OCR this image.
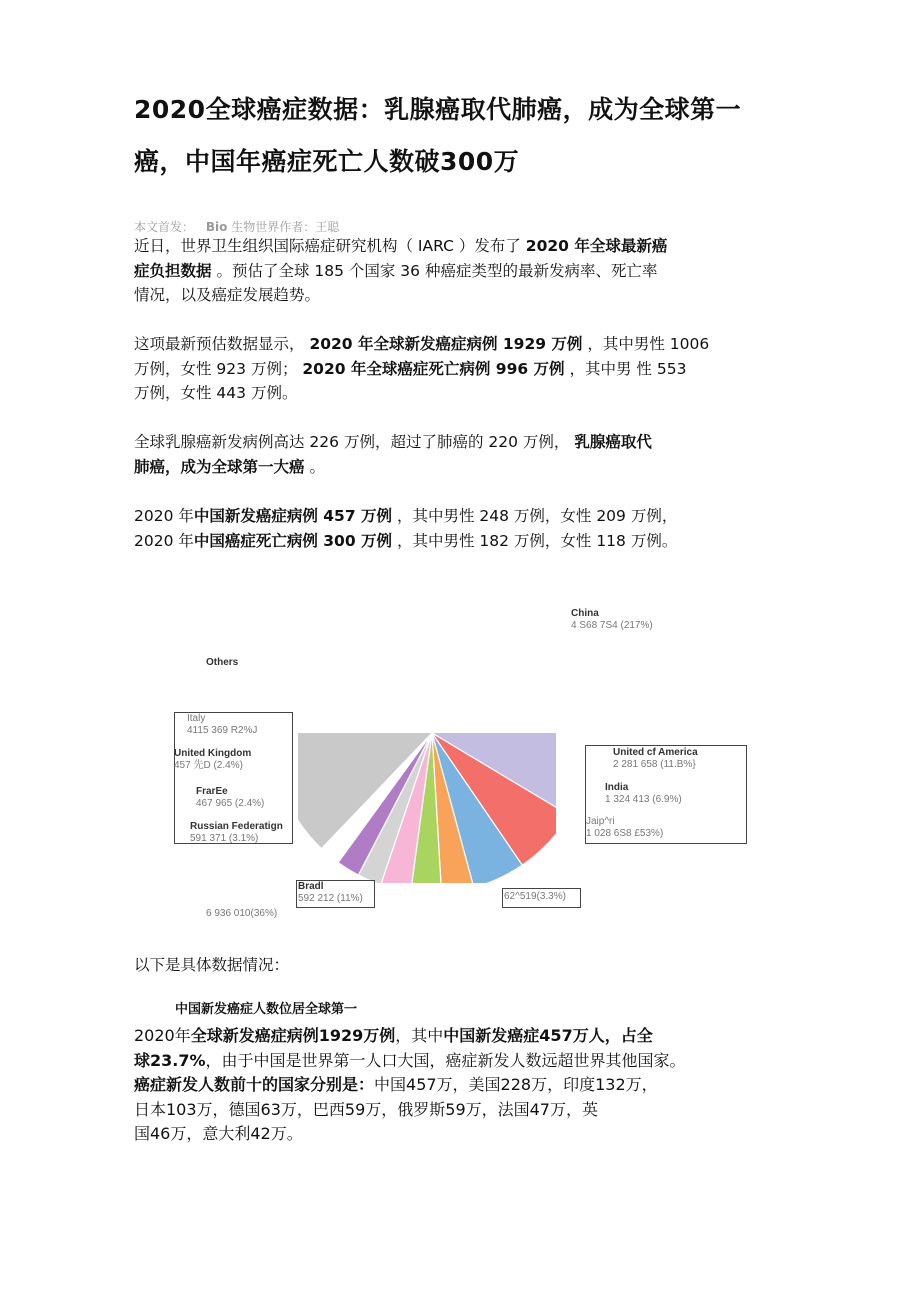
2020全球癌症数据：乳腺癌取代肺癌，成为全球第一
癌，中国年癌症死亡人数破300万
本文首发： Bio 生物世界作者：王聪
近日，世界卫生组织国际癌症研究机构（ IARC ）发布了 2020 年全球最新癌
症负担数据 。预估了全球 185 个国家 36 种癌症类型的最新发病率、死亡率
情况，以及癌症发展趋势。
这项最新预估数据显示， 2020 年全球新发癌症病例 1929 万例 ，其中男性 1006
万例，女性 923 万例； 2020 年全球癌症死亡病例 996 万例 ，其中男 性 553
万例，女性 443 万例。
全球乳腺癌新发病例高达 226 万例，超过了肺癌的 220 万例， 乳腺癌取代
肺癌，成为全球第一大癌 。
2020 年中国新发癌症病例 457 万例 ，其中男性 248 万例，女性 209 万例，
2020 年中国癌症死亡病例 300 万例 ，其中男性 182 万例，女性 118 万例。
China
4 S68 7S4 (217%)
Others
Italy
4115 369 R2%J
United Kingdom
457 先D (2.4%)
FrarEe
467 965 (2.4%)
Russian Federatign
591 371 (3.1%)
United cf America
2 281 658 (11.B%}
India
1 324 413 (6.9%)
Jaip^ri
1 028 6S8 £53%)
Bradl
592 212 (11%)	62^519(3.3%)
6 936 010(36%)
以下是具体数据情况：
中国新发癌症人数位居全球第一
2020年全球新发癌症病例1929万例，其中中国新发癌症457万人，占全
球23.7%，由于中国是世界第一人口大国，癌症新发人数远超世界其他国家。
癌症新发人数前十的国家分别是：中国457万，美国228万，印度132万，
日本103万，德国63万，巴西59万，俄罗斯59万，法国47万，英
国46万，意大利42万。
